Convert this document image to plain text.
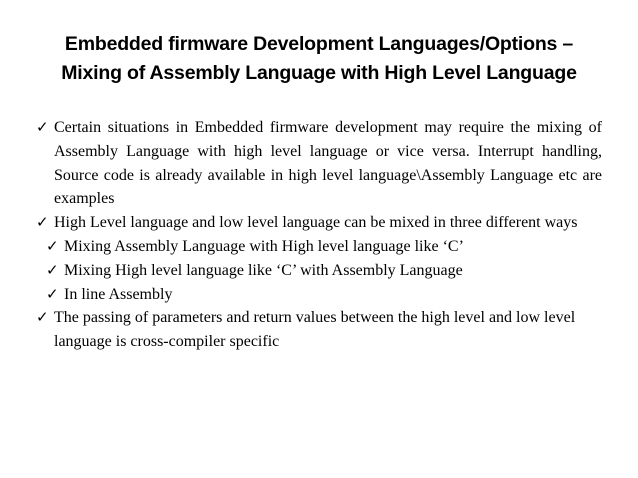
Embedded firmware Development Languages/Options –
Mixing of Assembly Language with High Level Language

✓ Certain situations in Embedded firmware development may require the mixing of Assembly Language with high level language or vice versa. Interrupt handling, Source code is already available in high level language\Assembly Language etc are examples

✓ High Level language and low level language can be mixed in three different ways

✓ Mixing Assembly Language with High level language like ‘C’

✓ Mixing High level language like ‘C’ with Assembly Language

✓ In line Assembly

✓ The passing of parameters and return values between the high level and low level language is cross-compiler specific
